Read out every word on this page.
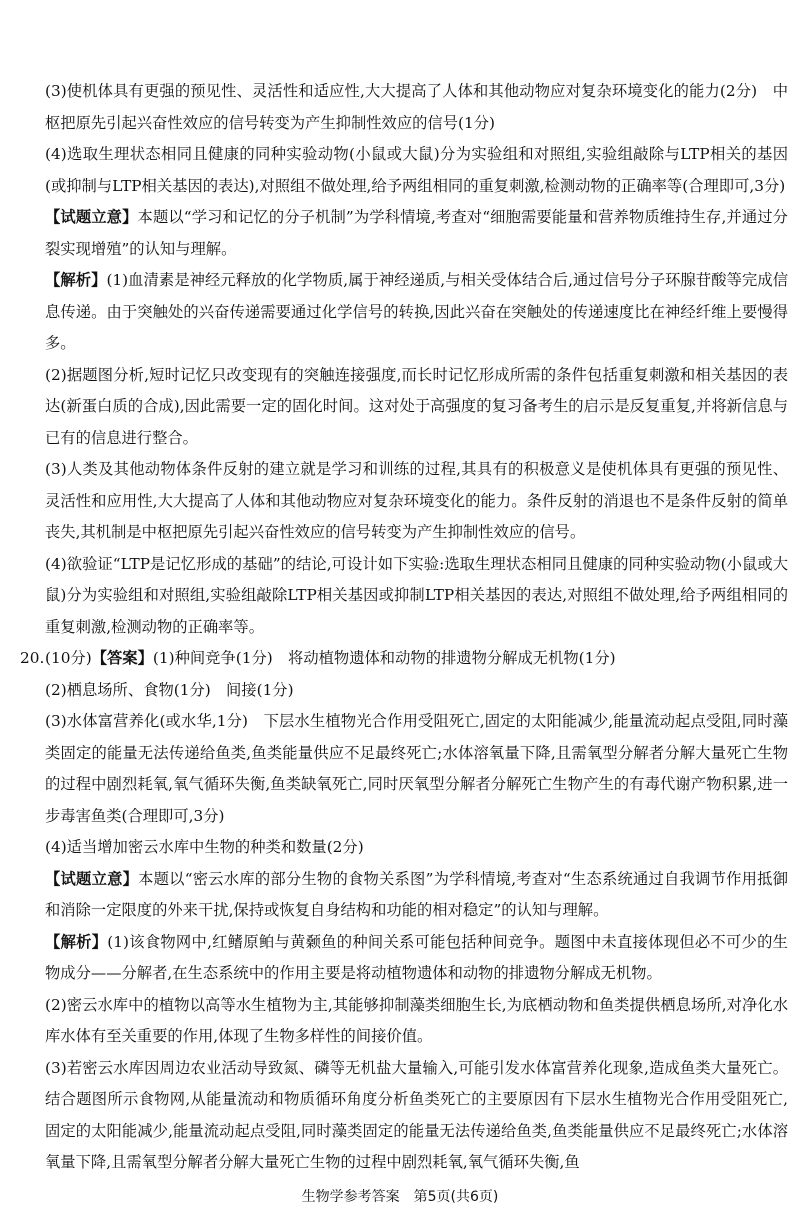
(3)使机体具有更强的预见性、灵活性和适应性,大大提高了人体和其他动物应对复杂环境变化的能力(2分)　中枢把原先引起兴奋性效应的信号转变为产生抑制性效应的信号(1分)

(4)选取生理状态相同且健康的同种实验动物(小鼠或大鼠)分为实验组和对照组,实验组敲除与LTP相关的基因(或抑制与LTP相关基因的表达),对照组不做处理,给予两组相同的重复刺激,检测动物的正确率等(合理即可,3分)

【试题立意】本题以“学习和记忆的分子机制”为学科情境,考查对“细胞需要能量和营养物质维持生存,并通过分裂实现增殖”的认知与理解。

【解析】(1)血清素是神经元释放的化学物质,属于神经递质,与相关受体结合后,通过信号分子环腺苷酸等完成信息传递。由于突触处的兴奋传递需要通过化学信号的转换,因此兴奋在突触处的传递速度比在神经纤维上要慢得多。

(2)据题图分析,短时记忆只改变现有的突触连接强度,而长时记忆形成所需的条件包括重复刺激和相关基因的表达(新蛋白质的合成),因此需要一定的固化时间。这对处于高强度的复习备考生的启示是反复重复,并将新信息与已有的信息进行整合。

(3)人类及其他动物体条件反射的建立就是学习和训练的过程,其具有的积极意义是使机体具有更强的预见性、灵活性和应用性,大大提高了人体和其他动物应对复杂环境变化的能力。条件反射的消退也不是条件反射的简单丧失,其机制是中枢把原先引起兴奋性效应的信号转变为产生抑制性效应的信号。

(4)欲验证“LTP是记忆形成的基础”的结论,可设计如下实验:选取生理状态相同且健康的同种实验动物(小鼠或大鼠)分为实验组和对照组,实验组敲除LTP相关基因或抑制LTP相关基因的表达,对照组不做处理,给予两组相同的重复刺激,检测动物的正确率等。

20.(10分)【答案】(1)种间竞争(1分)　将动植物遗体和动物的排遗物分解成无机物(1分)

(2)栖息场所、食物(1分)　间接(1分)

(3)水体富营养化(或水华,1分)　下层水生植物光合作用受阻死亡,固定的太阳能减少,能量流动起点受阻,同时藻类固定的能量无法传递给鱼类,鱼类能量供应不足最终死亡;水体溶氧量下降,且需氧型分解者分解大量死亡生物的过程中剧烈耗氧,氧气循环失衡,鱼类缺氧死亡,同时厌氧型分解者分解死亡生物产生的有毒代谢产物积累,进一步毒害鱼类(合理即可,3分)

(4)适当增加密云水库中生物的种类和数量(2分)

【试题立意】本题以“密云水库的部分生物的食物关系图”为学科情境,考查对“生态系统通过自我调节作用抵御和消除一定限度的外来干扰,保持或恢复自身结构和功能的相对稳定”的认知与理解。

【解析】(1)该食物网中,红鳍原鲌与黄颡鱼的种间关系可能包括种间竞争。题图中未直接体现但必不可少的生物成分——分解者,在生态系统中的作用主要是将动植物遗体和动物的排遗物分解成无机物。

(2)密云水库中的植物以高等水生植物为主,其能够抑制藻类细胞生长,为底栖动物和鱼类提供栖息场所,对净化水库水体有至关重要的作用,体现了生物多样性的间接价值。

(3)若密云水库因周边农业活动导致氮、磷等无机盐大量输入,可能引发水体富营养化现象,造成鱼类大量死亡。结合题图所示食物网,从能量流动和物质循环角度分析鱼类死亡的主要原因有下层水生植物光合作用受阻死亡,固定的太阳能减少,能量流动起点受阻,同时藻类固定的能量无法传递给鱼类,鱼类能量供应不足最终死亡;水体溶氧量下降,且需氧型分解者分解大量死亡生物的过程中剧烈耗氧,氧气循环失衡,鱼

生物学参考答案　第5页(共6页)
